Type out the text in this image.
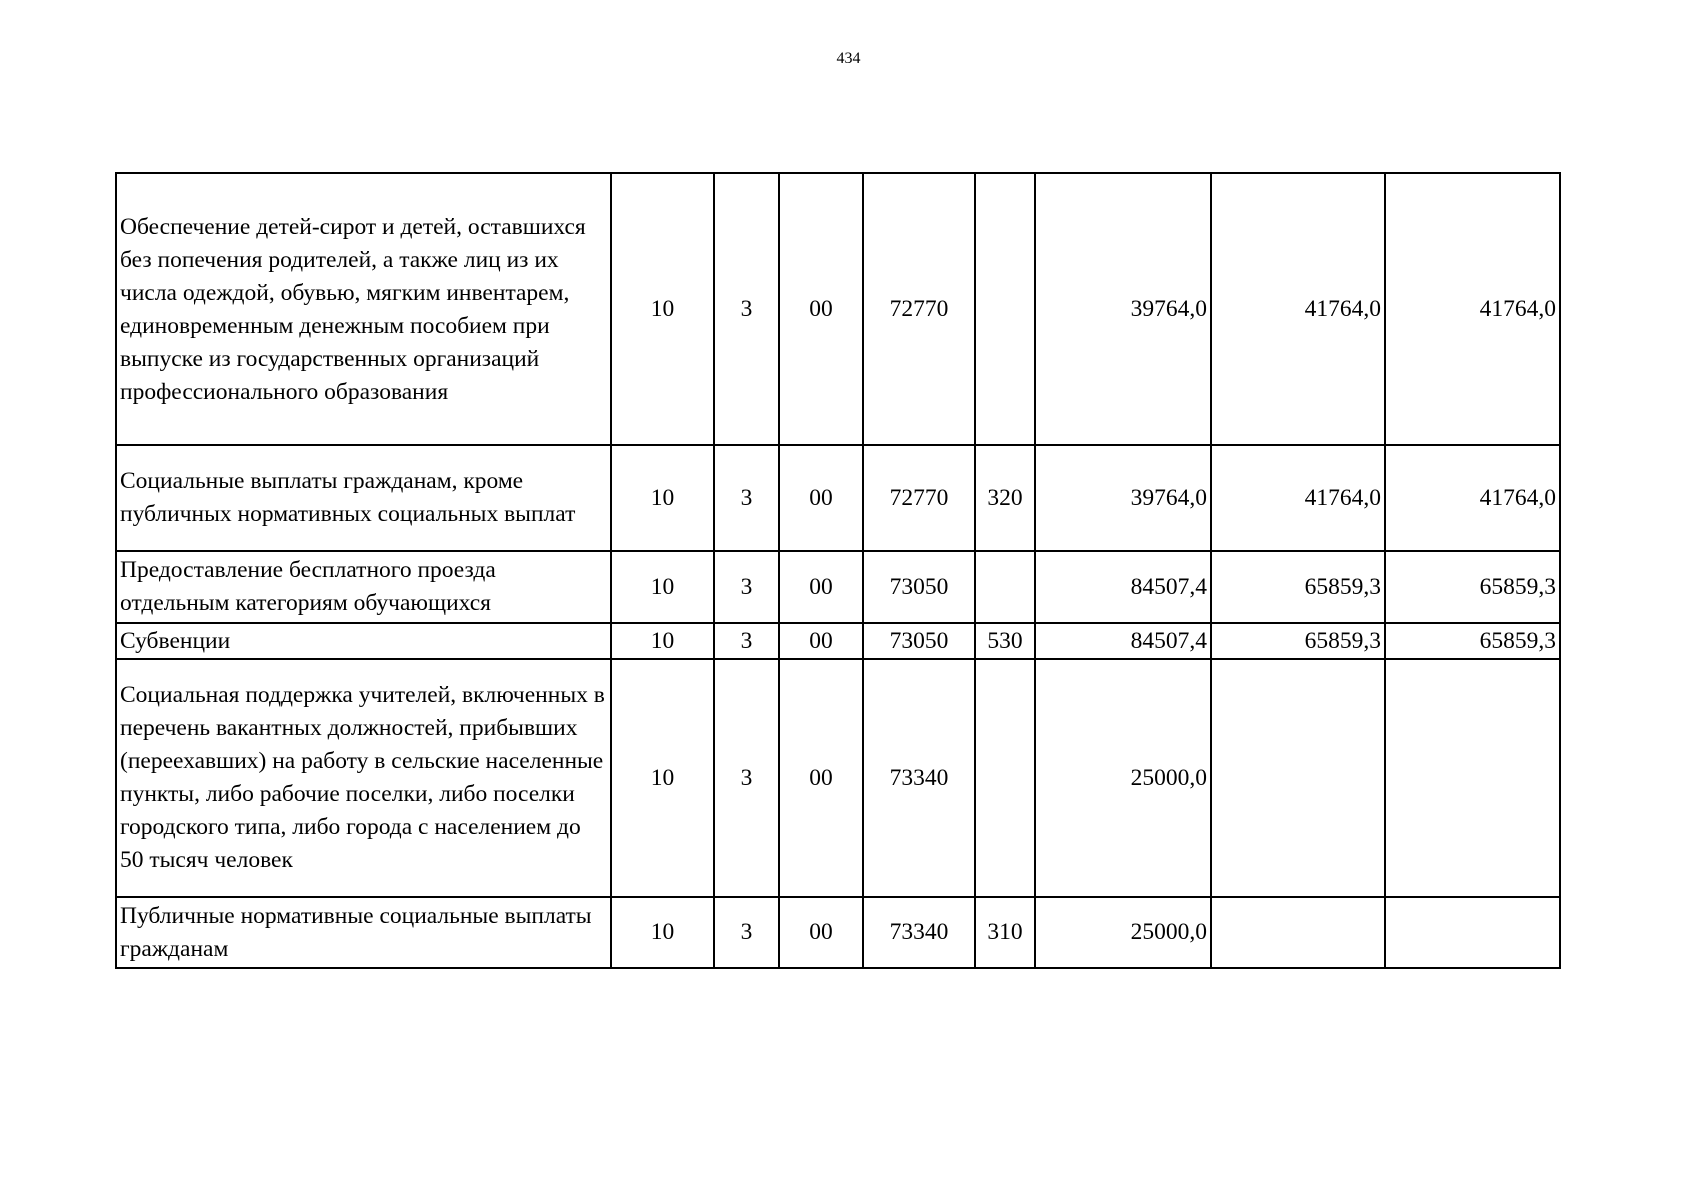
434
Обеспечение детей-сирот и детей, оставшихся без попечения родителей, а также лиц из их числа одеждой, обувью, мягким инвентарем, единовременным денежным пособием при выпуске из государственных организаций профессионального образования	10	3	00	72770		39764,0	41764,0	41764,0
Социальные выплаты гражданам, кроме публичных нормативных социальных выплат	10	3	00	72770	320	39764,0	41764,0	41764,0
Предоставление бесплатного проезда отдельным категориям обучающихся	10	3	00	73050		84507,4	65859,3	65859,3
Субвенции	10	3	00	73050	530	84507,4	65859,3	65859,3
Социальная поддержка учителей, включенных в перечень вакантных должностей, прибывших (переехавших) на работу в сельские населенные пункты, либо рабочие поселки, либо поселки городского типа, либо города с населением до 50 тысяч человек	10	3	00	73340		25000,0		
Публичные нормативные социальные выплаты гражданам	10	3	00	73340	310	25000,0		
